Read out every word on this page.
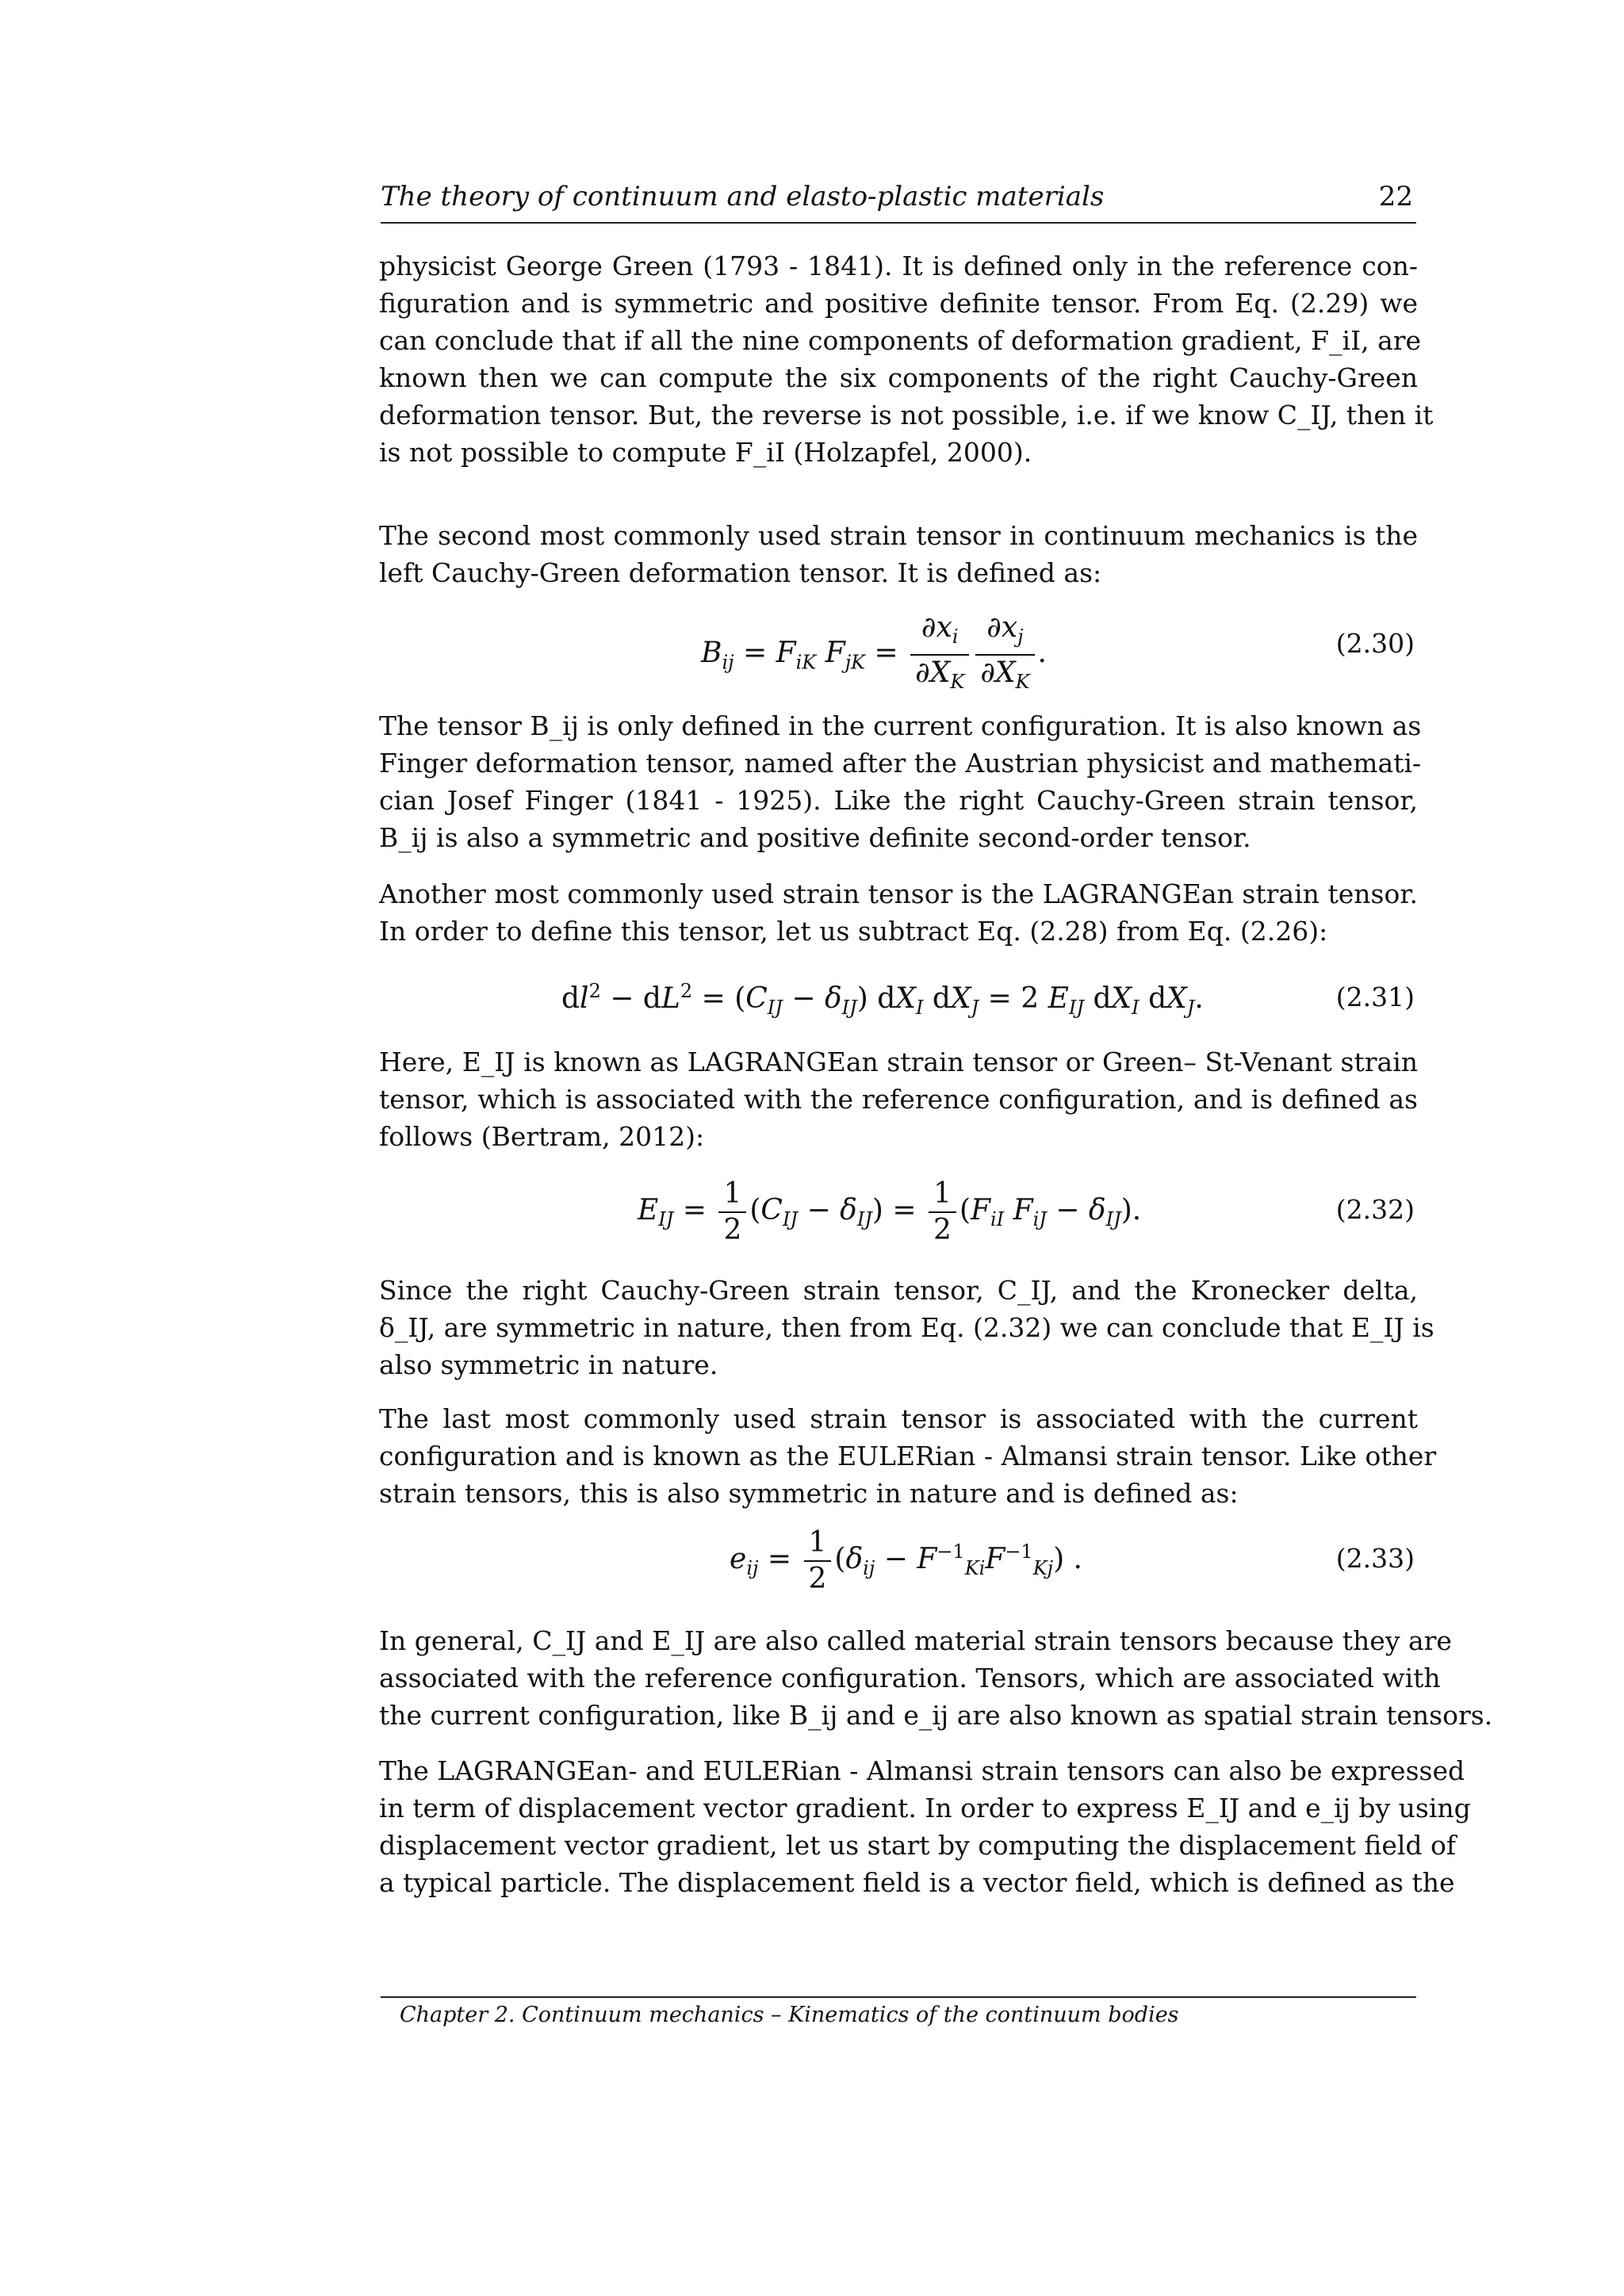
The theory of continuum and elasto-plastic materials	22
physicist George Green (1793 - 1841). It is defined only in the reference con-
figuration and is symmetric and positive definite tensor. From Eq. (2.29) we
can conclude that if all the nine components of deformation gradient, F_iI, are
known then we can compute the six components of the right Cauchy-Green
deformation tensor. But, the reverse is not possible, i.e. if we know C_IJ, then it
is not possible to compute F_iI (Holzapfel, 2000).
The second most commonly used strain tensor in continuum mechanics is the
left Cauchy-Green deformation tensor. It is defined as:
$B_{ij} = F_{iK}$ $F_{jK} = \frac{\partial x_i}{\partial X_K} \frac{\partial x_j}{\partial X_K}$ .	(2.30)
The tensor B_ij is only defined in the current configuration. It is also known as
Finger deformation tensor, named after the Austrian physicist and mathemati-
cian Josef Finger (1841 - 1925). Like the right Cauchy-Green strain tensor,
B_ij is also a symmetric and positive definite second-order tensor.
Another most commonly used strain tensor is the LAGRANGEan strain tensor.
In order to define this tensor, let us subtract Eq. (2.28) from Eq. (2.26):
$dl^2 - dL^2 = (C_{IJ} - \delta_{IJ})$ $dX_I$ $dX_J = 2$ $E_{IJ}$ $dX_I$ $dX_J$.	(2.31)
Here, E_IJ is known as LAGRANGEan strain tensor or Green– St-Venant strain
tensor, which is associated with the reference configuration, and is defined as
follows (Bertram, 2012):
$E_{IJ} = \frac{1}{2} (C_{IJ} - \delta_{IJ}) = \frac{1}{2} (F_{iI}$ $F_{iJ} - \delta_{IJ}$).	(2.32)
Since the right Cauchy-Green strain tensor, C_IJ, and the Kronecker delta,
δ_IJ, are symmetric in nature, then from Eq. (2.32) we can conclude that E_IJ is
also symmetric in nature.
The last most commonly used strain tensor is associated with the current
configuration and is known as the EULERian - Almansi strain tensor. Like other
strain tensors, this is also symmetric in nature and is defined as:
$e_{ij} = \frac{1}{2} (\delta_{ij} - F^{-1}_{Ki}F^{-1}_{Kj})$ .	(2.33)
In general, C_IJ and E_IJ are also called material strain tensors because they are
associated with the reference configuration. Tensors, which are associated with
the current configuration, like B_ij and e_ij are also known as spatial strain tensors.
The LAGRANGEan- and EULERian - Almansi strain tensors can also be expressed
in term of displacement vector gradient. In order to express E_IJ and e_ij by using
displacement vector gradient, let us start by computing the displacement field of
a typical particle. The displacement field is a vector field, which is defined as the
Chapter 2. Continuum mechanics – Kinematics of the continuum bodies
